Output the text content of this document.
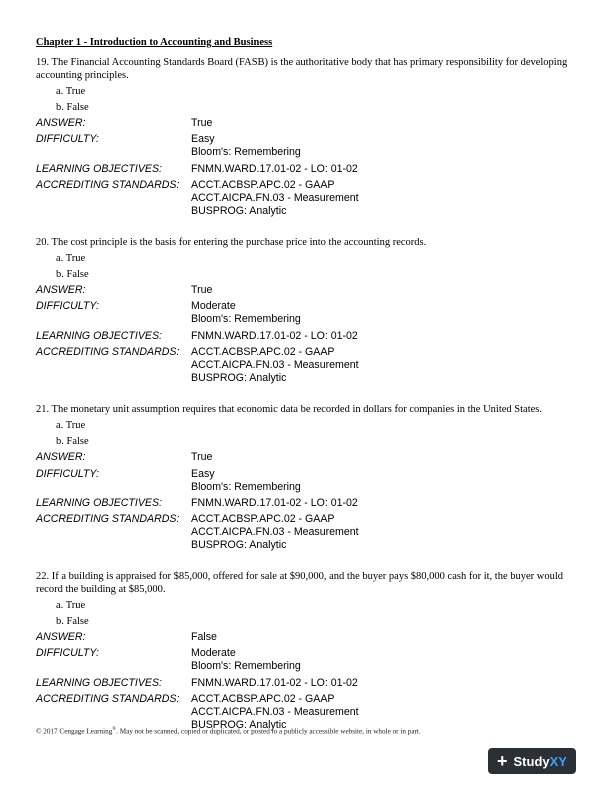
Chapter 1 - Introduction to Accounting and Business
19. The Financial Accounting Standards Board (FASB) is the authoritative body that has primary responsibility for developing accounting principles.
a. True
b. False
ANSWER:	True
DIFFICULTY:	Easy
Bloom's: Remembering
LEARNING OBJECTIVES:	FNMN.WARD.17.01-02 - LO: 01-02
ACCREDITING STANDARDS:	ACCT.ACBSP.APC.02 - GAAP
ACCT.AICPA.FN.03 - Measurement
BUSPROG: Analytic
20. The cost principle is the basis for entering the purchase price into the accounting records.
a. True
b. False
ANSWER:	True
DIFFICULTY:	Moderate
Bloom's: Remembering
LEARNING OBJECTIVES:	FNMN.WARD.17.01-02 - LO: 01-02
ACCREDITING STANDARDS:	ACCT.ACBSP.APC.02 - GAAP
ACCT.AICPA.FN.03 - Measurement
BUSPROG: Analytic
21. The monetary unit assumption requires that economic data be recorded in dollars for companies in the United States.
a. True
b. False
ANSWER:	True
DIFFICULTY:	Easy
Bloom's: Remembering
LEARNING OBJECTIVES:	FNMN.WARD.17.01-02 - LO: 01-02
ACCREDITING STANDARDS:	ACCT.ACBSP.APC.02 - GAAP
ACCT.AICPA.FN.03 - Measurement
BUSPROG: Analytic
22. If a building is appraised for $85,000, offered for sale at $90,000, and the buyer pays $80,000 cash for it, the buyer would record the building at $85,000.
a. True
b. False
ANSWER:	False
DIFFICULTY:	Moderate
Bloom's: Remembering
LEARNING OBJECTIVES:	FNMN.WARD.17.01-02 - LO: 01-02
ACCREDITING STANDARDS:	ACCT.ACBSP.APC.02 - GAAP
ACCT.AICPA.FN.03 - Measurement
BUSPROG: Analytic
© 2017 Cengage Learning®. May not be scanned, copied or duplicated, or posted to a publicly accessible website, in whole or in part.
+ Study XY
